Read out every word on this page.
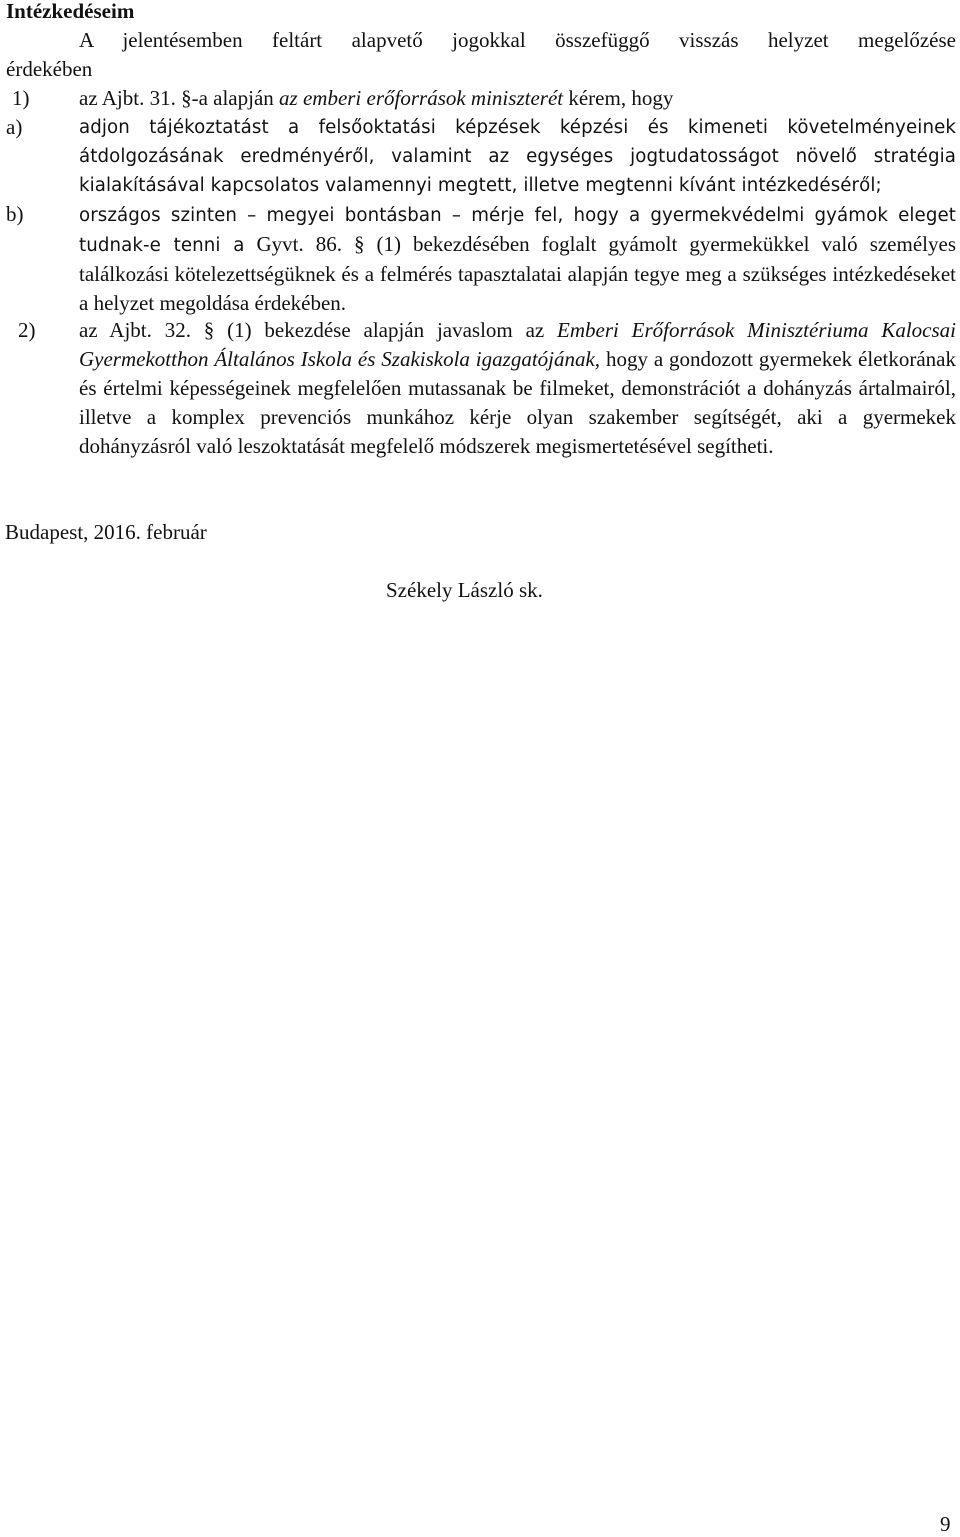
Intézkedéseim
A jelentésemben feltárt alapvető jogokkal összefüggő visszás helyzet megelőzése
érdekében
1) az Ajbt. 31. §-a alapján az emberi erőforrások miniszterét kérem, hogy
a)	adjon tájékoztatást a felsőoktatási képzések képzési és kimeneti követelményeinek átdolgozásának eredményéről, valamint az egységes jogtudatosságot növelő stratégia kialakításával kapcsolatos valamennyi megtett, illetve megtenni kívánt intézkedéséről;
b)	országos szinten – megyei bontásban – mérje fel, hogy a gyermekvédelmi gyámok eleget tudnak-e tenni a Gyvt. 86. § (1) bekezdésében foglalt gyámolt gyermekükkel való személyes találkozási kötelezettségüknek és a felmérés tapasztalatai alapján tegye meg a szükséges intézkedéseket a helyzet megoldása érdekében.
2) az Ajbt. 32. § (1) bekezdése alapján javaslom az Emberi Erőforrások Minisztériuma Kalocsai Gyermekotthon Általános Iskola és Szakiskola igazgatójának, hogy a gondozott gyermekek életkorának és értelmi képességeinek megfelelően mutassanak be filmeket, demonstrációt a dohányzás ártalmairól, illetve a komplex prevenciós munkához kérje olyan szakember segítségét, aki a gyermekek dohányzásról való leszoktatását megfelelő módszerek megismertetésével segítheti.
Budapest, 2016. február
Székely László sk.
9
